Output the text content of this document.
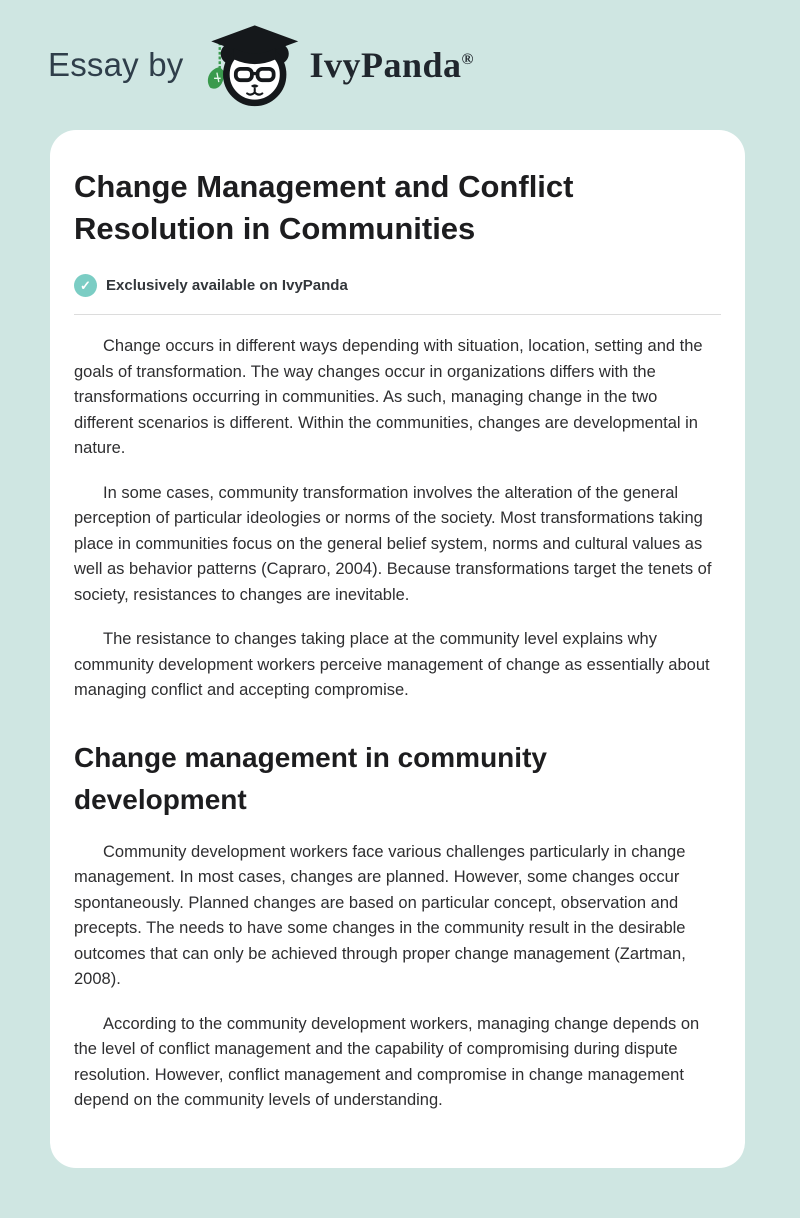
Essay by	IvyPanda®
Change Management and Conflict Resolution in Communities
✓	Exclusively available on IvyPanda

Change occurs in different ways depending with situation, location, setting and the goals of transformation. The way changes occur in organizations differs with the transformations occurring in communities. As such, managing change in the two different scenarios is different. Within the communities, changes are developmental in nature.

In some cases, community transformation involves the alteration of the general perception of particular ideologies or norms of the society. Most transformations taking place in communities focus on the general belief system, norms and cultural values as well as behavior patterns (Capraro, 2004). Because transformations target the tenets of society, resistances to changes are inevitable.

The resistance to changes taking place at the community level explains why community development workers perceive management of change as essentially about managing conflict and accepting compromise.

Change management in community development

Community development workers face various challenges particularly in change management. In most cases, changes are planned. However, some changes occur spontaneously. Planned changes are based on particular concept, observation and precepts. The needs to have some changes in the community result in the desirable outcomes that can only be achieved through proper change management (Zartman, 2008).

According to the community development workers, managing change depends on the level of conflict management and the capability of compromising during dispute resolution. However, conflict management and compromise in change management depend on the community levels of understanding.
